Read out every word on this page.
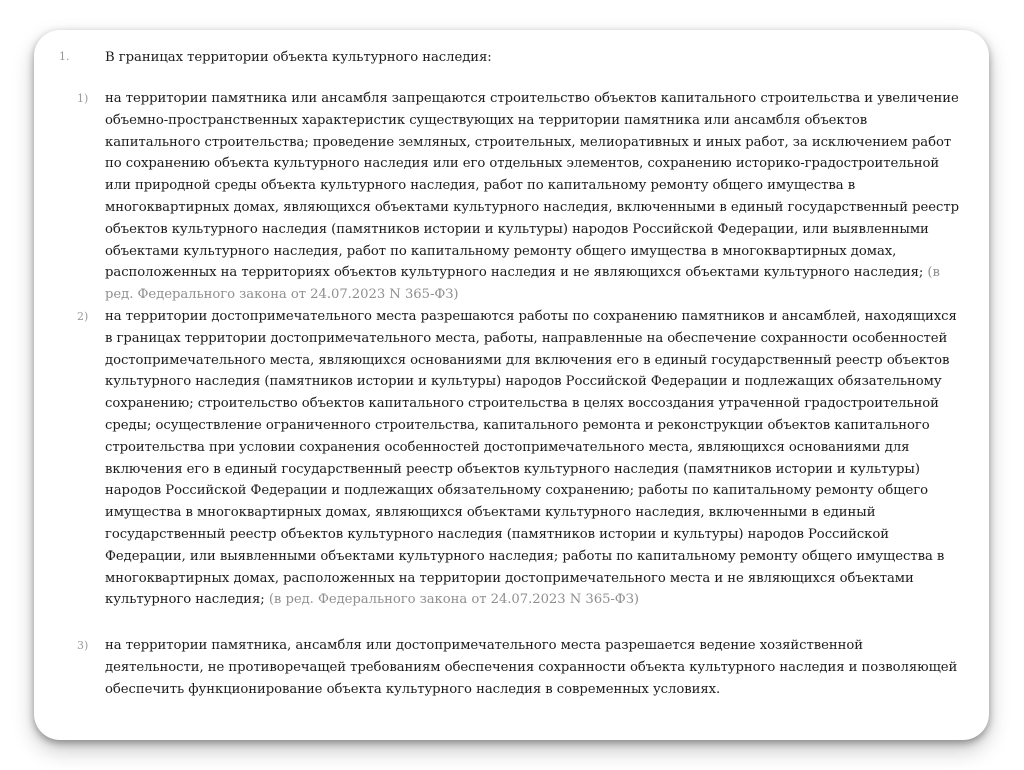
1.	В границах территории объекта культурного наследия:
1) на территории памятника или ансамбля запрещаются строительство объектов капитального строительства и увеличение объемно-пространственных характеристик существующих на территории памятника или ансамбля объектов капитального строительства; проведение земляных, строительных, мелиоративных и иных работ, за исключением работ по сохранению объекта культурного наследия или его отдельных элементов, сохранению историко-градостроительной или природной среды объекта культурного наследия, работ по капитальному ремонту общего имущества в многоквартирных домах, являющихся объектами культурного наследия, включенными в единый государственный реестр объектов культурного наследия (памятников истории и культуры) народов Российской Федерации, или выявленными объектами культурного наследия, работ по капитальному ремонту общего имущества в многоквартирных домах, расположенных на территориях объектов культурного наследия и не являющихся объектами культурного наследия; (в ред. Федерального закона от 24.07.2023 N 365-ФЗ)
2) на территории достопримечательного места разрешаются работы по сохранению памятников и ансамблей, находящихся в границах территории достопримечательного места, работы, направленные на обеспечение сохранности особенностей достопримечательного места, являющихся основаниями для включения его в единый государственный реестр объектов культурного наследия (памятников истории и культуры) народов Российской Федерации и подлежащих обязательному сохранению; строительство объектов капитального строительства в целях воссоздания утраченной градостроительной среды; осуществление ограниченного строительства, капитального ремонта и реконструкции объектов капитального строительства при условии сохранения особенностей достопримечательного места, являющихся основаниями для включения его в единый государственный реестр объектов культурного наследия (памятников истории и культуры) народов Российской Федерации и подлежащих обязательному сохранению; работы по капитальному ремонту общего имущества в многоквартирных домах, являющихся объектами культурного наследия, включенными в единый государственный реестр объектов культурного наследия (памятников истории и культуры) народов Российской Федерации, или выявленными объектами культурного наследия; работы по капитальному ремонту общего имущества в многоквартирных домах, расположенных на территории достопримечательного места и не являющихся объектами культурного наследия; (в ред. Федерального закона от 24.07.2023 N 365-ФЗ)
3) на территории памятника, ансамбля или достопримечательного места разрешается ведение хозяйственной деятельности, не противоречащей требованиям обеспечения сохранности объекта культурного наследия и позволяющей обеспечить функционирование объекта культурного наследия в современных условиях.
